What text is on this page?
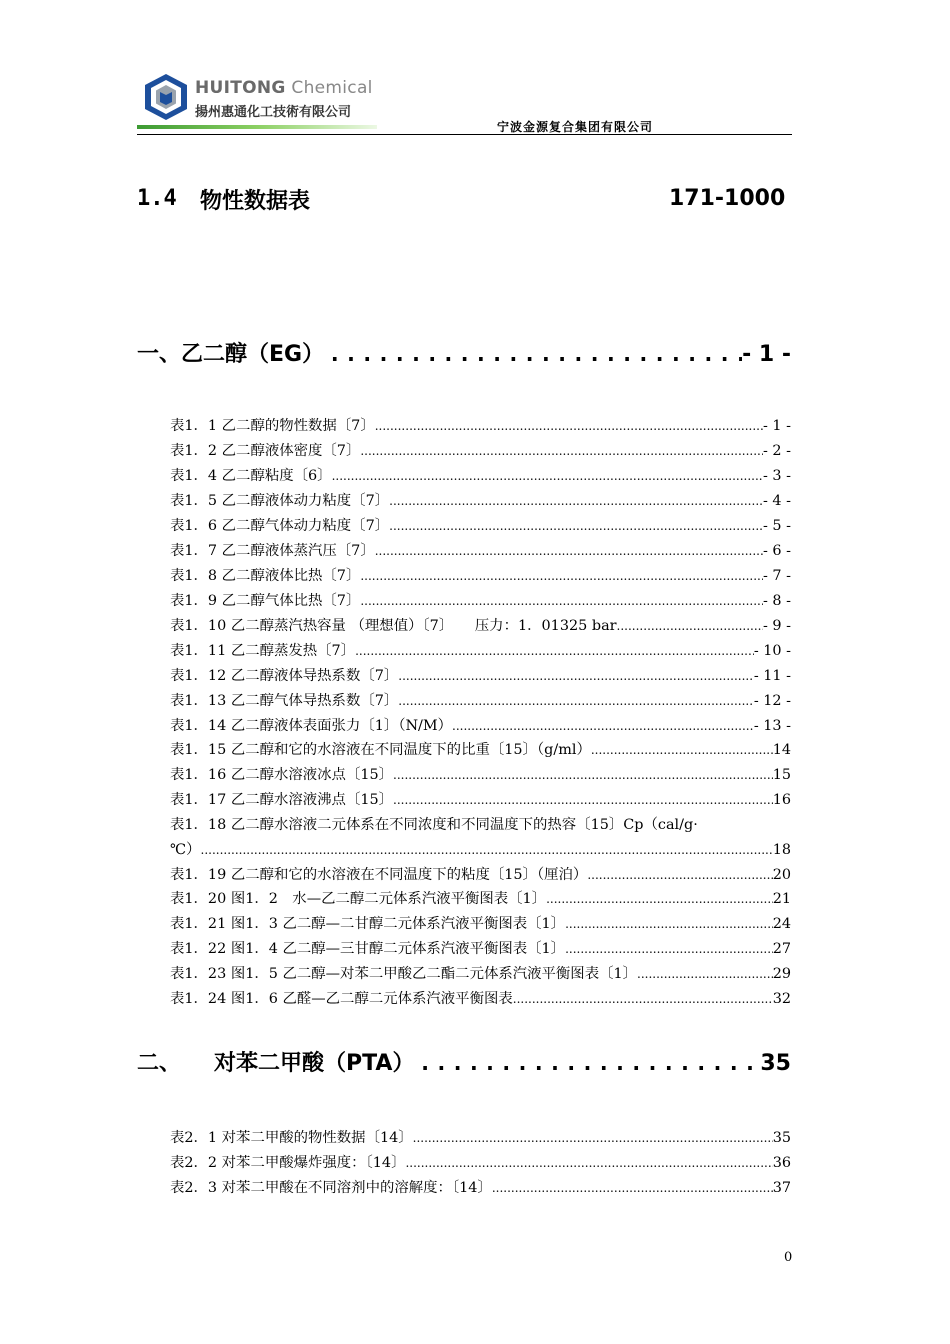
HUITONG Chemical
揚州惠通化工技術有限公司
宁波金源复合集团有限公司
1.4 物性数据表	171-1000
一、乙二醇（EG） .....	- 1 -
表1．1 乙二醇的物性数据〔7〕 .....	- 1 -
表1．2 乙二醇液体密度〔7〕 .....	- 2 -
表1．4 乙二醇粘度〔6〕 .....	- 3 -
表1．5 乙二醇液体动力粘度〔7〕 .....	- 4 -
表1．6 乙二醇气体动力粘度〔7〕 .....	- 5 -
表1．7 乙二醇液体蒸汽压〔7〕 .....	- 6 -
表1．8 乙二醇液体比热〔7〕 .....	- 7 -
表1．9 乙二醇气体比热〔7〕 .....	- 8 -
表1．10 乙二醇蒸汽热容量 （理想值）〔7〕　　压力：1．01325 bar .....	- 9 -
表1．11 乙二醇蒸发热〔7〕 .....	- 10 -
表1．12 乙二醇液体导热系数〔7〕 .....	- 11 -
表1．13 乙二醇气体导热系数〔7〕 .....	- 12 -
表1．14 乙二醇液体表面张力〔1〕（N/M） .....	- 13 -
表1．15 乙二醇和它的水溶液在不同温度下的比重〔15〕（g/ml） .....	14
表1．16 乙二醇水溶液冰点〔15〕 .....	15
表1．17 乙二醇水溶液沸点〔15〕 .....	16
表1．18 乙二醇水溶液二元体系在不同浓度和不同温度下的热容〔15〕Cp（cal/g·
℃） .....	18
表1．19 乙二醇和它的水溶液在不同温度下的粘度〔15〕（厘泊） .....	20
表1．20 图1．2　水—乙二醇二元体系汽液平衡图表〔1〕 .....	21
表1．21 图1．3 乙二醇—二甘醇二元体系汽液平衡图表〔1〕 .....	24
表1．22 图1．4 乙二醇—三甘醇二元体系汽液平衡图表〔1〕 .....	27
表1．23 图1．5 乙二醇—对苯二甲酸乙二酯二元体系汽液平衡图表〔1〕 .....	29
表1．24 图1．6 乙醛—乙二醇二元体系汽液平衡图表 .....	32
二、　　对苯二甲酸（PTA） .....	35
表2．1 对苯二甲酸的物性数据〔14〕 .....	35
表2．2 对苯二甲酸爆炸强度：〔14〕 .....	36
表2．3 对苯二甲酸在不同溶剂中的溶解度：〔14〕 .....	37
0
